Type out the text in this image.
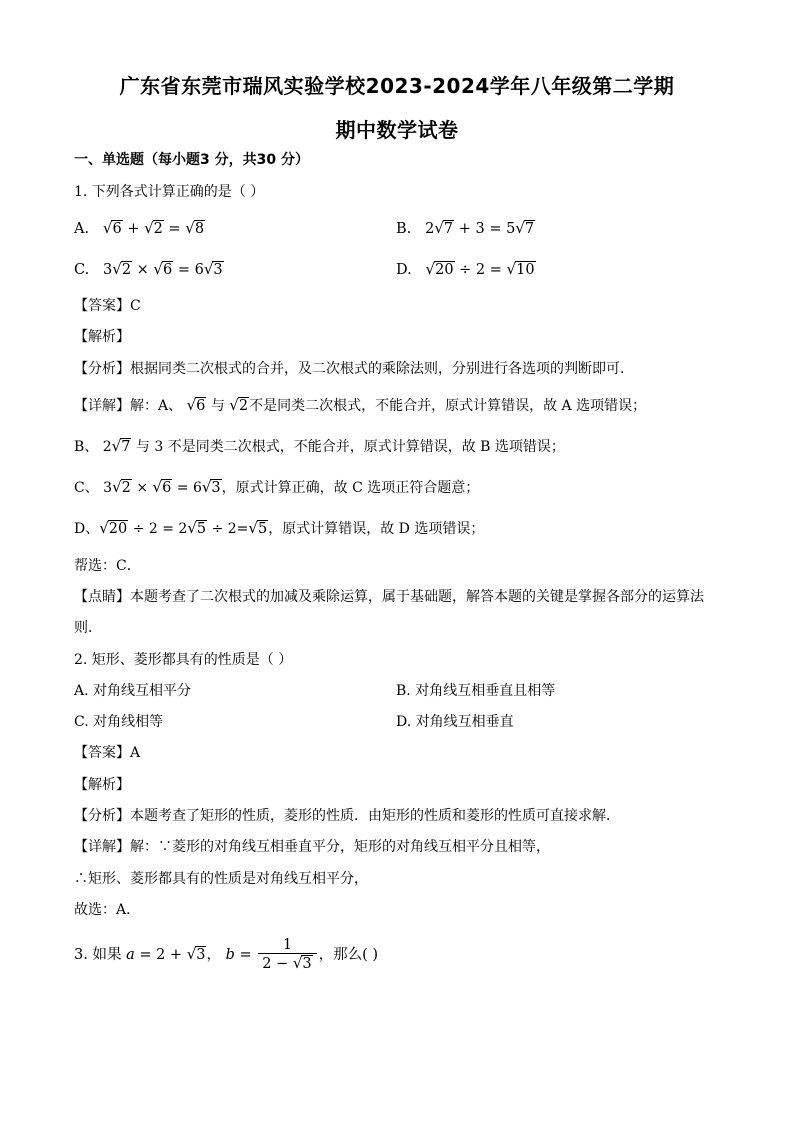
广东省东莞市瑞风实验学校2023-2024学年八年级第二学期
期中数学试卷
一、单选题（每小题3 分，共30 分）
1. 下列各式计算正确的是（ ）
A. √6 + √2 = √8	B. 2√7 + 3 = 5√7
C. 3√2 × √6 = 6√3	D. √20 ÷ 2 = √10
【答案】C
【解析】
【分析】根据同类二次根式的合并，及二次根式的乘除法则，分别进行各选项的判断即可．
【详解】解：A、 √6 与 √2不是同类二次根式，不能合并，原式计算错误，故 A 选项错误；
B、 2√7 与 3 不是同类二次根式，不能合并，原式计算错误，故 B 选项错误；
C、 3√2 × √6 = 6√3，原式计算正确，故 C 选项正符合题意；
D、√20 ÷ 2 = 2√5 ÷ 2=√5，原式计算错误，故 D 选项错误；
帮选：C．
【点睛】本题考查了二次根式的加减及乘除运算，属于基础题，解答本题的关键是掌握各部分的运算法
则．
2. 矩形、菱形都具有的性质是（ ）
A. 对角线互相平分	B. 对角线互相垂直且相等
C. 对角线相等	D. 对角线互相垂直
【答案】A
【解析】
【分析】本题考查了矩形的性质，菱形的性质．由矩形的性质和菱形的性质可直接求解．
【详解】解：∵菱形的对角线互相垂直平分，矩形的对角线互相平分且相等，
∴矩形、菱形都具有的性质是对角线互相平分，
故选：A．
3. 如果 a = 2 + √3， $b = \frac{1}{2 - √3}$ ，那么( )
